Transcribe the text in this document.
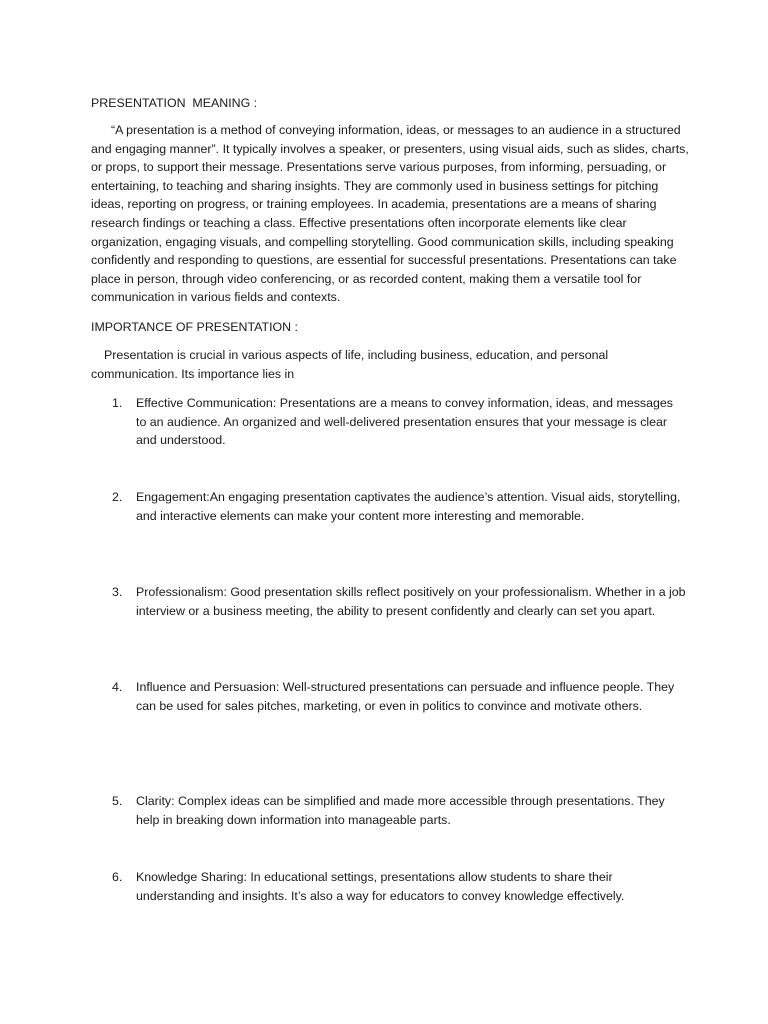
PRESENTATION  MEANING :

“A presentation is a method of conveying information, ideas, or messages to an audience in a structured and engaging manner”. It typically involves a speaker, or presenters, using visual aids, such as slides, charts, or props, to support their message. Presentations serve various purposes, from informing, persuading, or entertaining, to teaching and sharing insights. They are commonly used in business settings for pitching ideas, reporting on progress, or training employees. In academia, presentations are a means of sharing research findings or teaching a class. Effective presentations often incorporate elements like clear organization, engaging visuals, and compelling storytelling. Good communication skills, including speaking confidently and responding to questions, are essential for successful presentations. Presentations can take place in person, through video conferencing, or as recorded content, making them a versatile tool for communication in various fields and contexts.

IMPORTANCE OF PRESENTATION :

Presentation is crucial in various aspects of life, including business, education, and personal communication. Its importance lies in

1.	Effective Communication: Presentations are a means to convey information, ideas, and messages to an audience. An organized and well-delivered presentation ensures that your message is clear and understood.
2.	Engagement:An engaging presentation captivates the audience’s attention. Visual aids, storytelling, and interactive elements can make your content more interesting and memorable.
3.	Professionalism: Good presentation skills reflect positively on your professionalism. Whether in a job interview or a business meeting, the ability to present confidently and clearly can set you apart.
4.	Influence and Persuasion: Well-structured presentations can persuade and influence people. They can be used for sales pitches, marketing, or even in politics to convince and motivate others.
5.	Clarity: Complex ideas can be simplified and made more accessible through presentations. They help in breaking down information into manageable parts.
6.	Knowledge Sharing: In educational settings, presentations allow students to share their understanding and insights. It’s also a way for educators to convey knowledge effectively.
